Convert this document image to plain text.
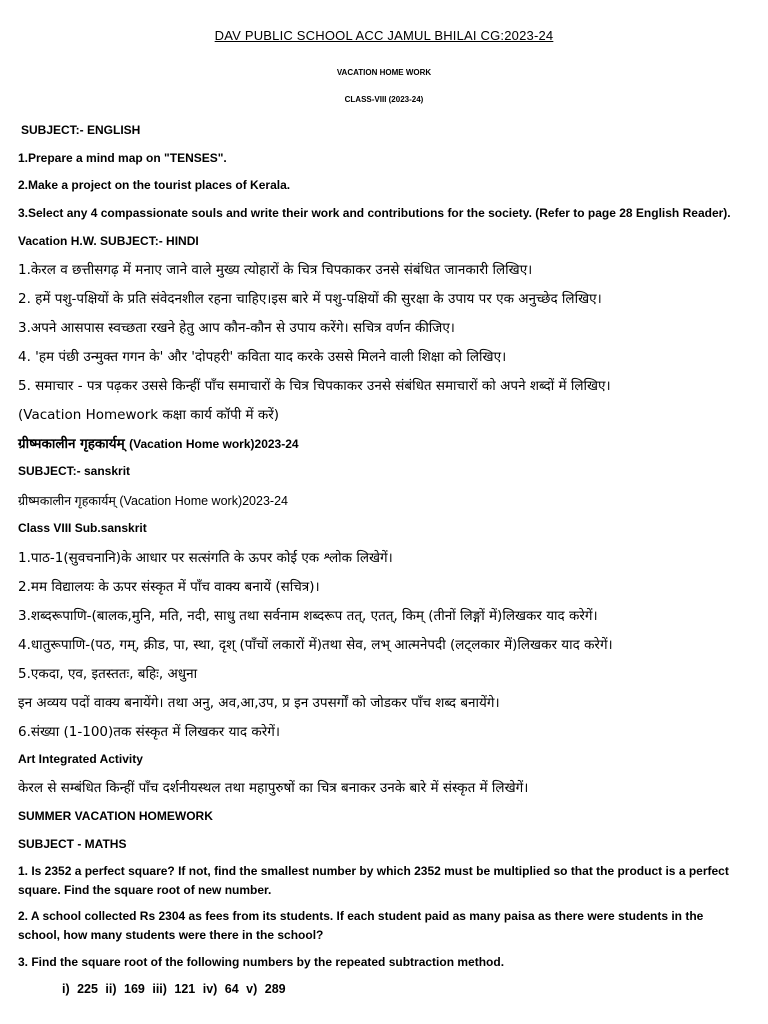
DAV PUBLIC SCHOOL ACC JAMUL BHILAI CG:2023-24
VACATION HOME WORK
CLASS-VIII (2023-24)
SUBJECT:- ENGLISH
1.Prepare a mind map on "TENSES".
2.Make a project on the tourist places of Kerala.
3.Select any 4 compassionate souls and write their work and contributions for the society. (Refer to page 28 English Reader).
Vacation H.W. SUBJECT:- HINDI
1.केरल व छत्तीसगढ़ में मनाए जाने वाले मुख्य त्योहारों के चित्र चिपकाकर उनसे संबंधित जानकारी लिखिए।
2. हमें पशु-पक्षियों के प्रति संवेदनशील रहना चाहिए।इस बारे में पशु-पक्षियों की सुरक्षा के उपाय पर एक अनुच्छेद लिखिए।
3.अपने आसपास स्वच्छता रखने हेतु आप कौन-कौन से उपाय करेंगे। सचित्र वर्णन कीजिए।
4. 'हम पंछी उन्मुक्त गगन के' और 'दोपहरी' कविता याद करके उससे मिलने वाली शिक्षा को लिखिए।
5. समाचार - पत्र पढ़कर उससे किन्हीं पाँच समाचारों के चित्र चिपकाकर उनसे संबंधित समाचारों को अपने शब्दों में लिखिए।
(Vacation Homework कक्षा कार्य कॉपी में करें)
ग्रीष्मकालीन गृहकार्यम् (Vacation Home work)2023-24
SUBJECT:- sanskrit
ग्रीष्मकालीन गृहकार्यम् (Vacation Home work)2023-24
Class VIII Sub.sanskrit
1.पाठ-1(सुवचनानि)के आधार पर सत्संगति के ऊपर कोई एक श्लोक लिखेगें।
2.मम विद्यालयः के ऊपर संस्कृत में पाँच वाक्य बनायें (सचित्र)।
3.शब्दरूपाणि-(बालक,मुनि, मति, नदी, साधु तथा सर्वनाम शब्दरूप तत्, एतत्, किम् (तीनों लिङ्गों में)लिखकर याद करेगें।
4.धातुरूपाणि-(पठ, गम्, क्रीड, पा, स्था, दृश् (पाँचों लकारों में)तथा सेव, लभ् आत्मनेपदी (लट्लकार में)लिखकर याद करेगें।
5.एकदा, एव, इतस्ततः, बहिः, अधुना
इन अव्यय पदों वाक्य बनायेंगे। तथा अनु, अव,आ,उप, प्र इन उपसर्गों को जोडकर पाँच शब्द बनायेंगे।
6.संख्या (1-100)तक संस्कृत में लिखकर याद करेगें।
Art Integrated Activity
केरल से सम्बंधित किन्हीं पाँच दर्शनीयस्थल तथा महापुरुषों का चित्र बनाकर उनके बारे में संस्कृत में लिखेगें।
SUMMER VACATION HOMEWORK
SUBJECT - MATHS
1. Is 2352 a perfect square? If not, find the smallest number by which 2352 must be multiplied so that the product is a perfect square. Find the square root of new number.
2. A school collected Rs 2304 as fees from its students. If each student paid as many paisa as there were students in the school, how many students were there in the school?
3. Find the square root of the following numbers by the repeated subtraction method.
i) 225 ii) 169 iii) 121 iv) 64 v) 289
